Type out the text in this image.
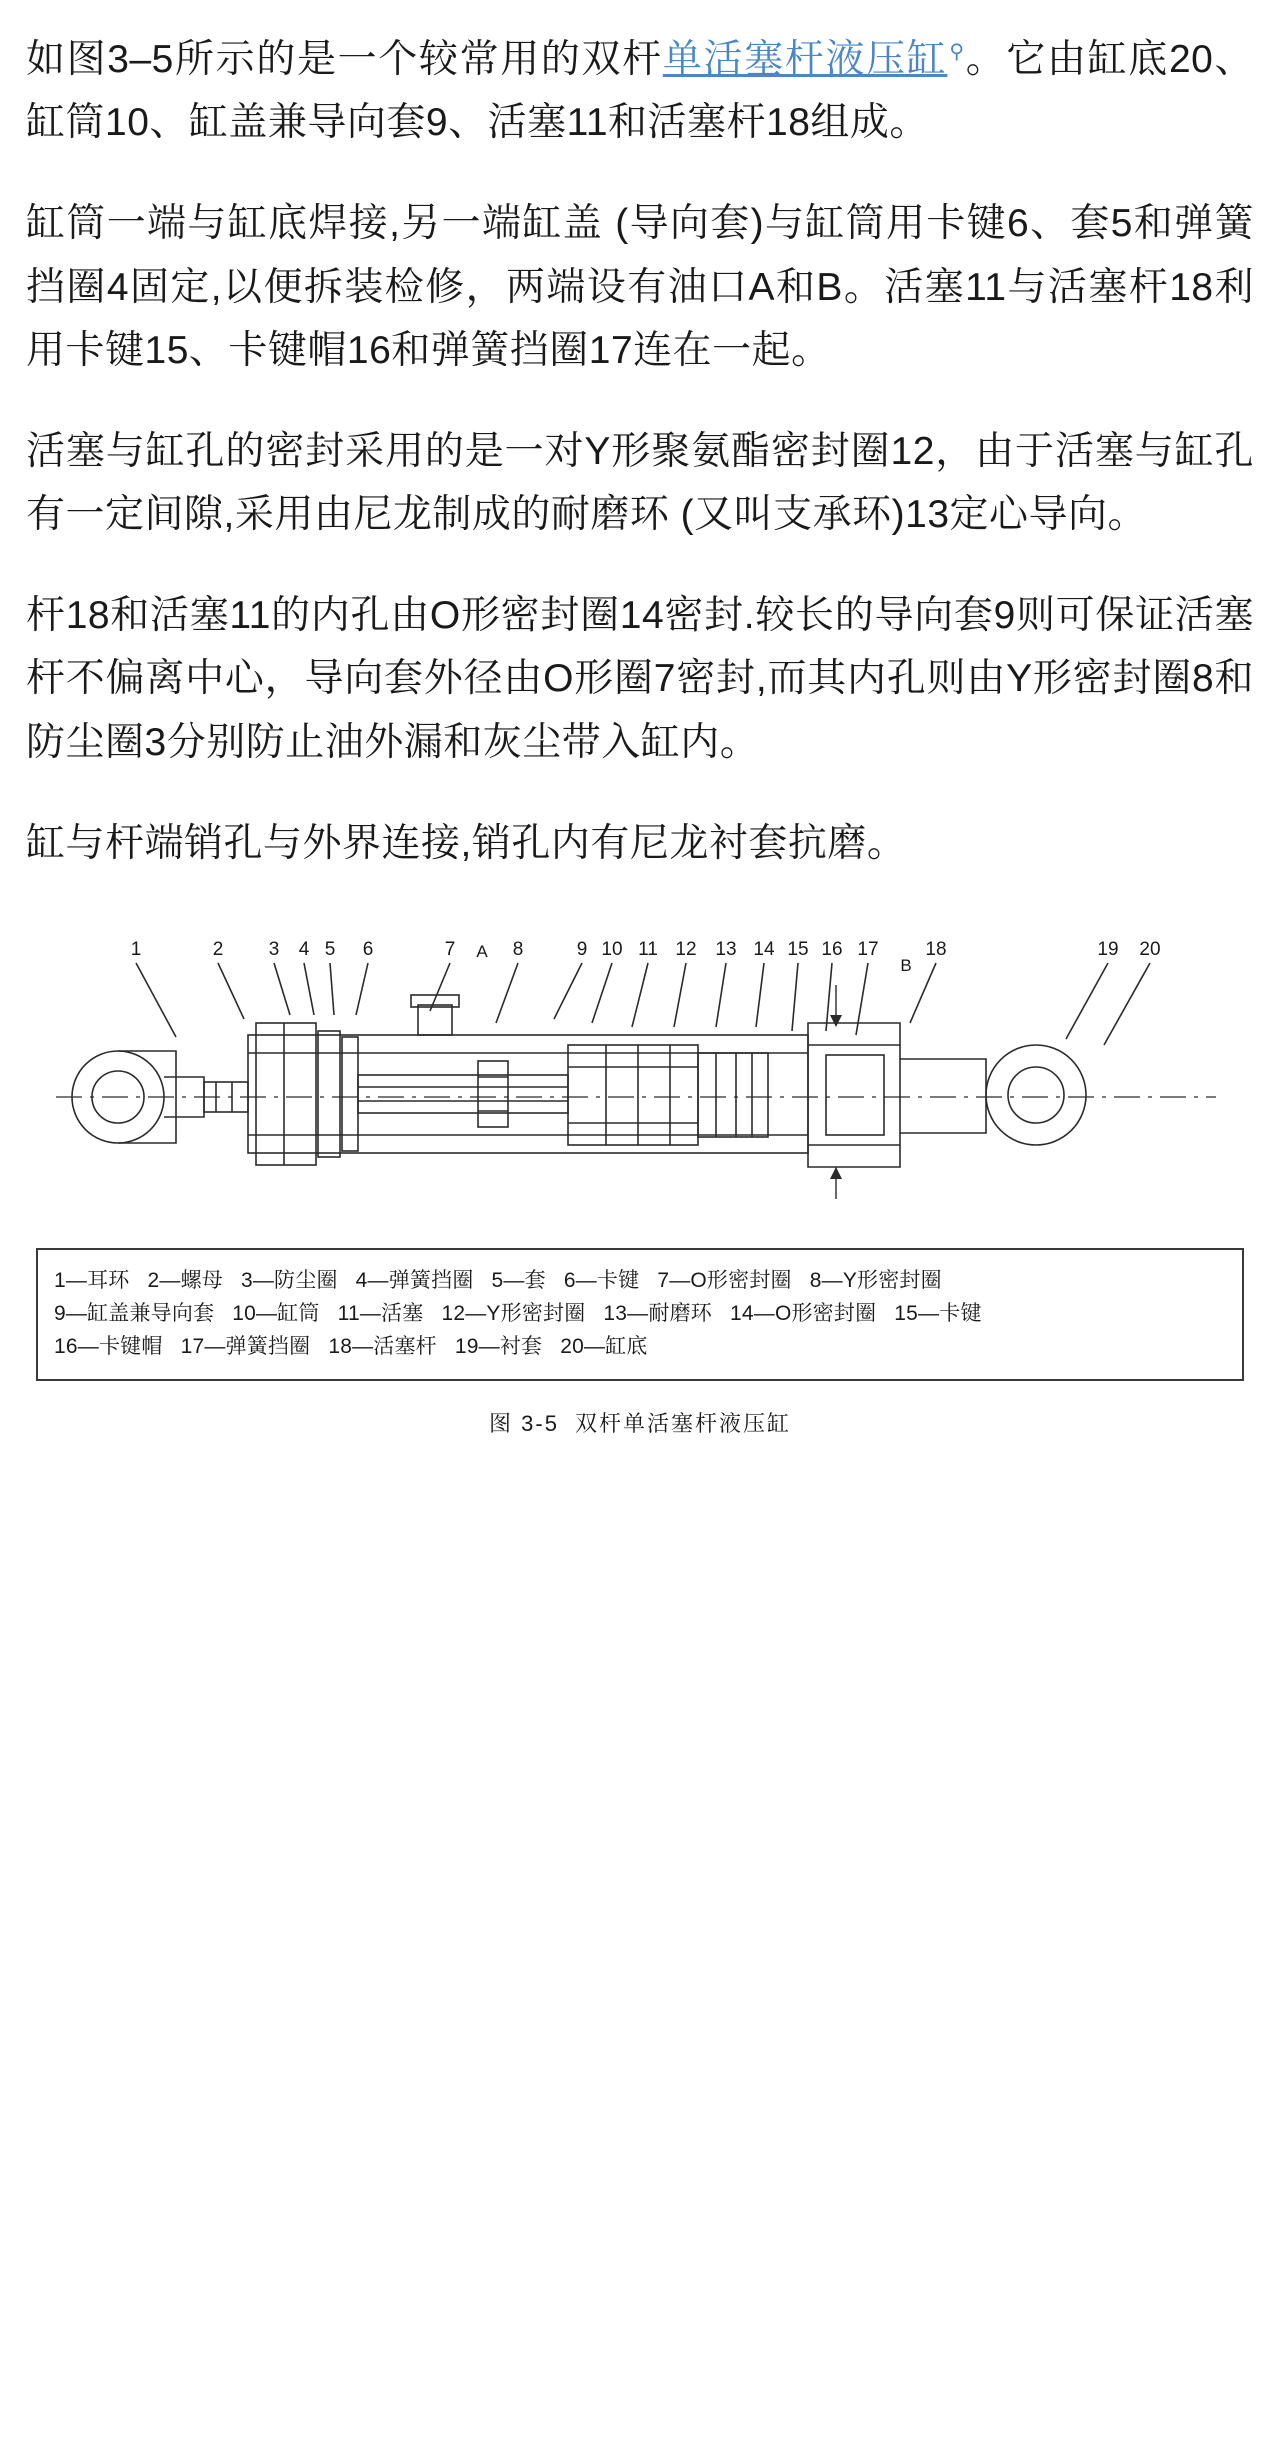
如图3–5所示的是一个较常用的双杆单活塞杆液压缸 ⚲。它由缸底20、缸筒10、缸盖兼导向套9、活塞11和活塞杆18组成。

缸筒一端与缸底焊接,另一端缸盖 (导向套)与缸筒用卡键6、套5和弹簧挡圈4固定,以便拆装检修，两端设有油口A和B。活塞11与活塞杆18利用卡键15、卡键帽16和弹簧挡圈17连在一起。

活塞与缸孔的密封采用的是一对Y形聚氨酯密封圈12，由于活塞与缸孔有一定间隙,采用由尼龙制成的耐磨环 (又叫支承环)13定心导向。

杆18和活塞11的内孔由O形密封圈14密封.较长的导向套9则可保证活塞杆不偏离中心，导向套外径由O形圈7密封,而其内孔则由Y形密封圈8和防尘圈3分别防止油外漏和灰尘带入缸内。

缸与杆端销孔与外界连接,销孔内有尼龙衬套抗磨。

1	2 3 4 5 6	7 A 8	9 10 11 12 13 14 15 16 17
B
18	19 20
1—耳环 2—螺母 3—防尘圈 4—弹簧挡圈 5—套 6—卡键 7—O形密封圈 8—Y形密封圈
9—缸盖兼导向套 10—缸筒 11—活塞 12—Y形密封圈 13—耐磨环 14—O形密封圈 15—卡键
16—卡键帽 17—弹簧挡圈 18—活塞杆 19—衬套 20—缸底
图 3-5 双杆单活塞杆液压缸
